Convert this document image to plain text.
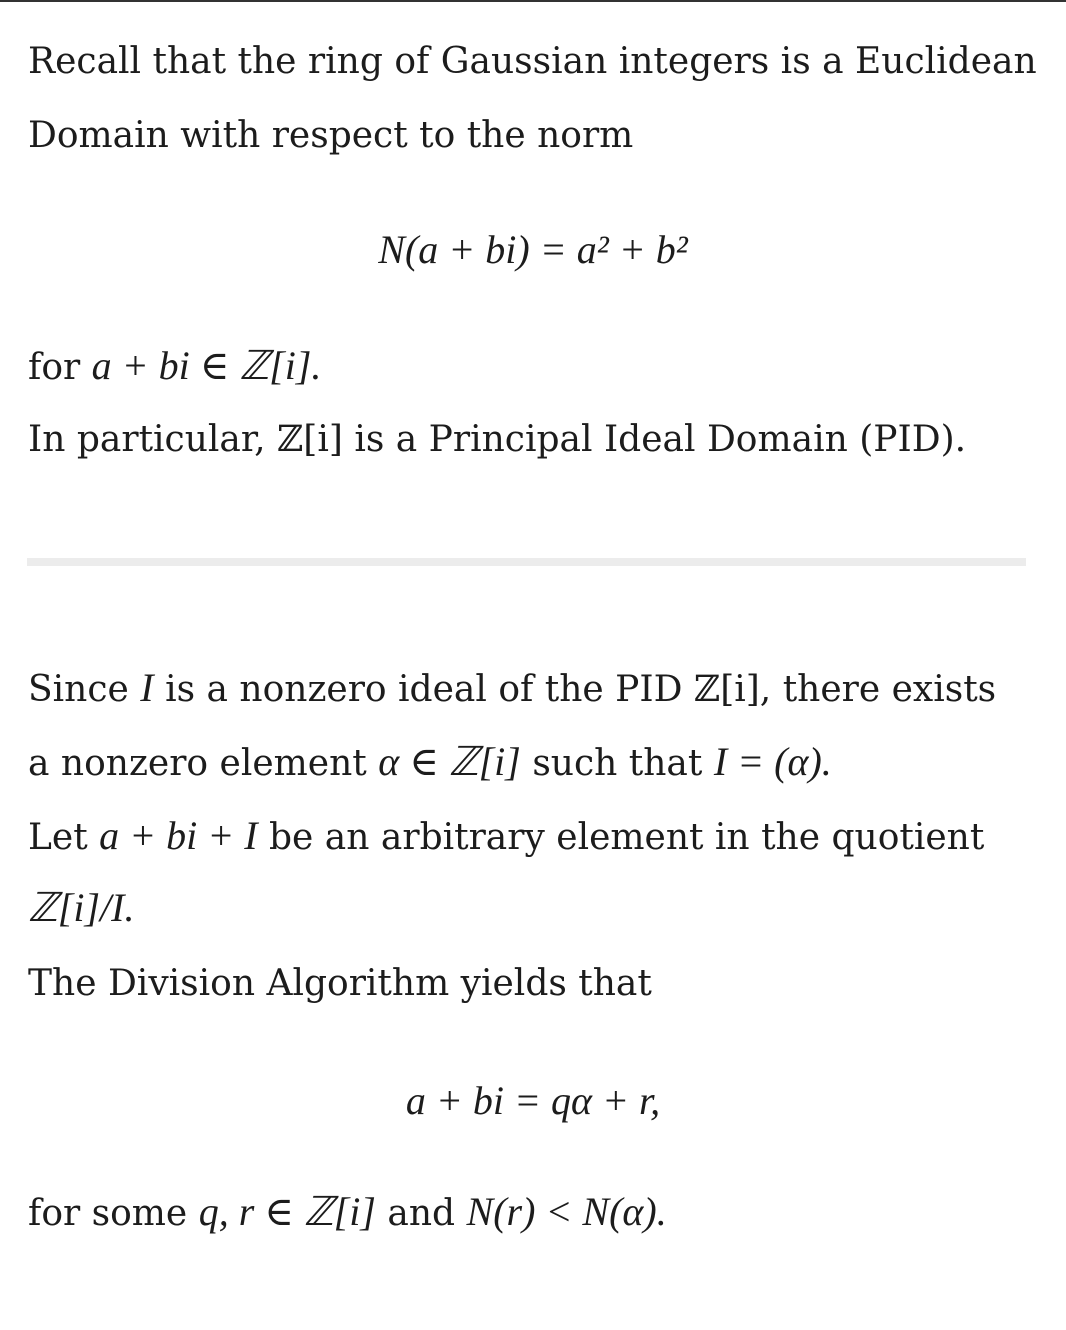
Recall that the ring of Gaussian integers is a Euclidean
Domain with respect to the norm
N(a + bi) = a² + b²
for a + bi ∈ ℤ[i].
In particular, ℤ[i] is a Principal Ideal Domain (PID).
Since I is a nonzero ideal of the PID ℤ[i], there exists
a nonzero element α ∈ ℤ[i] such that I = (α).
Let a + bi + I be an arbitrary element in the quotient
ℤ[i]/I.
The Division Algorithm yields that
a + bi = qα + r,
for some q, r ∈ ℤ[i] and N(r) < N(α).
